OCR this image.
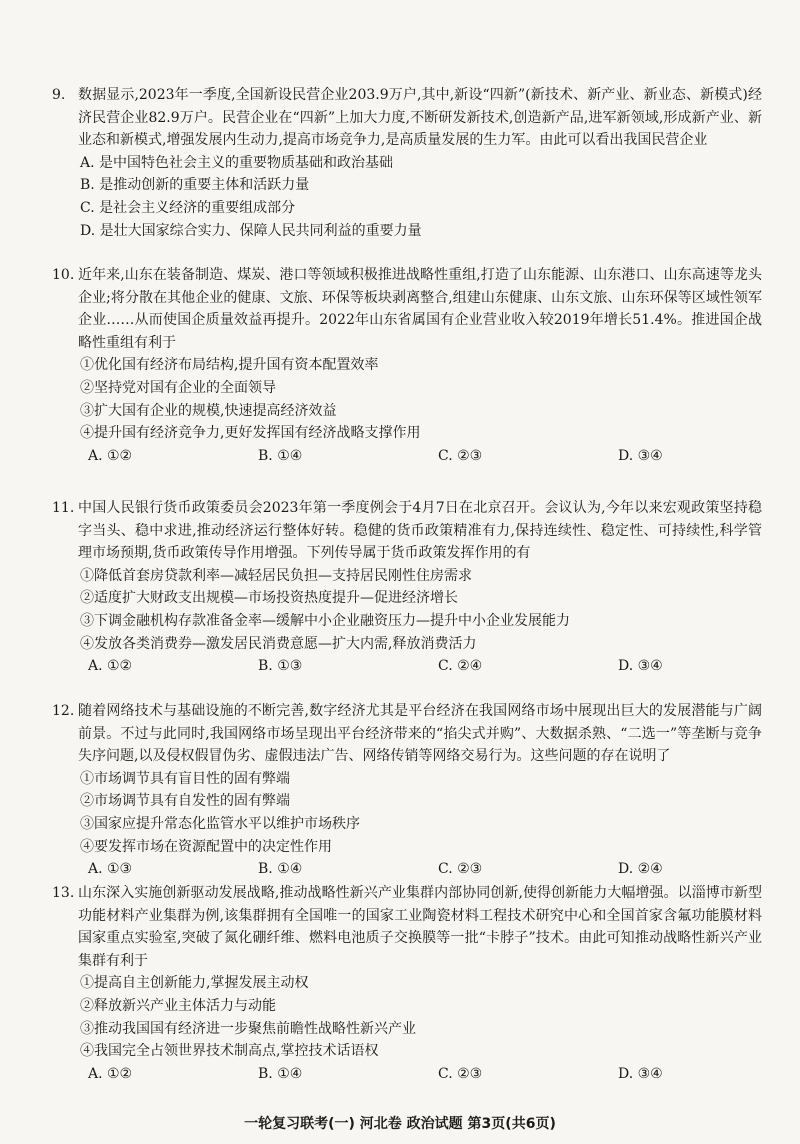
9. 数据显示,2023年一季度,全国新设民营企业203.9万户,其中,新设“四新”(新技术、新产业、新业态、新模式)经济民营企业82.9万户。民营企业在“四新”上加大力度,不断研发新技术,创造新产品,进军新领域,形成新产业、新业态和新模式,增强发展内生动力,提高市场竞争力,是高质量发展的生力军。由此可以看出我国民营企业

A. 是中国特色社会主义的重要物质基础和政治基础
B. 是推动创新的重要主体和活跃力量
C. 是社会主义经济的重要组成部分
D. 是壮大国家综合实力、保障人民共同利益的重要力量

10. 近年来,山东在装备制造、煤炭、港口等领域积极推进战略性重组,打造了山东能源、山东港口、山东高速等龙头企业;将分散在其他企业的健康、文旅、环保等板块剥离整合,组建山东健康、山东文旅、山东环保等区域性领军企业……从而使国企质量效益再提升。2022年山东省属国有企业营业收入较2019年增长51.4%。推进国企战略性重组有利于

①优化国有经济布局结构,提升国有资本配置效率
②坚持党对国有企业的全面领导
③扩大国有企业的规模,快速提高经济效益
④提升国有经济竞争力,更好发挥国有经济战略支撑作用
A. ①②	B. ①④	C. ②③	D. ③④

11. 中国人民银行货币政策委员会2023年第一季度例会于4月7日在北京召开。会议认为,今年以来宏观政策坚持稳字当头、稳中求进,推动经济运行整体好转。稳健的货币政策精准有力,保持连续性、稳定性、可持续性,科学管理市场预期,货币政策传导作用增强。下列传导属于货币政策发挥作用的有

①降低首套房贷款利率—减轻居民负担—支持居民刚性住房需求
②适度扩大财政支出规模—市场投资热度提升—促进经济增长
③下调金融机构存款准备金率—缓解中小企业融资压力—提升中小企业发展能力
④发放各类消费券—激发居民消费意愿—扩大内需,释放消费活力
A. ①②	B. ①③	C. ②④	D. ③④

12. 随着网络技术与基础设施的不断完善,数字经济尤其是平台经济在我国网络市场中展现出巨大的发展潜能与广阔前景。不过与此同时,我国网络市场呈现出平台经济带来的“掐尖式并购”、大数据杀熟、“二选一”等垄断与竞争失序问题,以及侵权假冒伪劣、虚假违法广告、网络传销等网络交易行为。这些问题的存在说明了

①市场调节具有盲目性的固有弊端
②市场调节具有自发性的固有弊端
③国家应提升常态化监管水平以维护市场秩序
④要发挥市场在资源配置中的决定性作用
A. ①③	B. ①④	C. ②③	D. ②④

13. 山东深入实施创新驱动发展战略,推动战略性新兴产业集群内部协同创新,使得创新能力大幅增强。以淄博市新型功能材料产业集群为例,该集群拥有全国唯一的国家工业陶瓷材料工程技术研究中心和全国首家含氟功能膜材料国家重点实验室,突破了氮化硼纤维、燃料电池质子交换膜等一批“卡脖子”技术。由此可知推动战略性新兴产业集群有利于

①提高自主创新能力,掌握发展主动权
②释放新兴产业主体活力与动能
③推动我国国有经济进一步聚焦前瞻性战略性新兴产业
④我国完全占领世界技术制高点,掌控技术话语权
A. ①②	B. ①④	C. ②③	D. ③④
一轮复习联考(一) 河北卷 政治试题 第3页(共6页)
